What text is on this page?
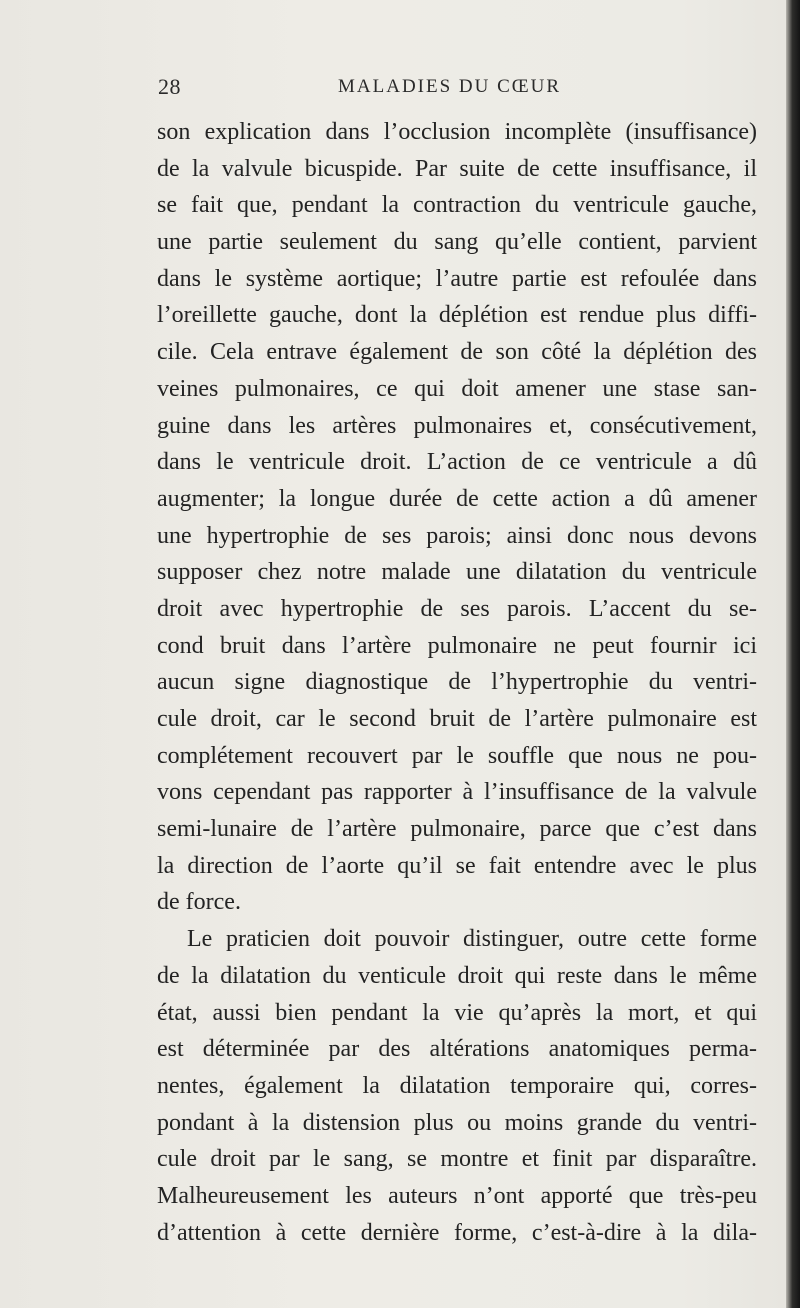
28	MALADIES DU CŒUR
son explication dans l’occlusion incomplète (insuffisance)
de la valvule bicuspide. Par suite de cette insuffisance, il
se fait que, pendant la contraction du ventricule gauche,
une partie seulement du sang qu’elle contient, parvient
dans le système aortique; l’autre partie est refoulée dans
l’oreillette gauche, dont la déplétion est rendue plus diffi-
cile. Cela entrave également de son côté la déplétion des
veines pulmonaires, ce qui doit amener une stase san-
guine dans les artères pulmonaires et, consécutivement,
dans le ventricule droit. L’action de ce ventricule a dû
augmenter; la longue durée de cette action a dû amener
une hypertrophie de ses parois; ainsi donc nous devons
supposer chez notre malade une dilatation du ventricule
droit avec hypertrophie de ses parois. L’accent du se-
cond bruit dans l’artère pulmonaire ne peut fournir ici
aucun signe diagnostique de l’hypertrophie du ventri-
cule droit, car le second bruit de l’artère pulmonaire est
complétement recouvert par le souffle que nous ne pou-
vons cependant pas rapporter à l’insuffisance de la valvule
semi-lunaire de l’artère pulmonaire, parce que c’est dans
la direction de l’aorte qu’il se fait entendre avec le plus
de force.
Le praticien doit pouvoir distinguer, outre cette forme
de la dilatation du venticule droit qui reste dans le même
état, aussi bien pendant la vie qu’après la mort, et qui
est déterminée par des altérations anatomiques perma-
nentes, également la dilatation temporaire qui, corres-
pondant à la distension plus ou moins grande du ventri-
cule droit par le sang, se montre et finit par disparaître.
Malheureusement les auteurs n’ont apporté que très-peu
d’attention à cette dernière forme, c’est-à-dire à la dila-
